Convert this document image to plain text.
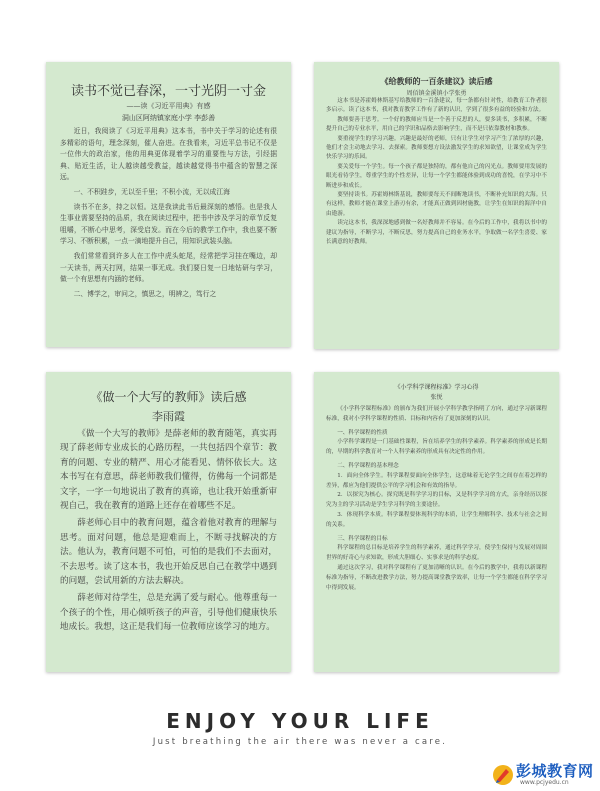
读书不觉已春深，一寸光阴一寸金
——读《习近平用典》有感
洞山区阿纳镇家庭小学 李彭善

近日，我阅读了《习近平用典》这本书，书中关于学习的论述有很多精彩的语句，理念深刻，催人奋进。在我看来，习近平总书记不仅是一位伟大的政治家，他的用典更体现着学习的重要性与方法，引经据典、贴近生活，让人越读越受教益，越读越觉得书中蕴含的智慧之深远。

一、不积跬步，无以至千里；不积小流，无以成江海

读书不在多，持之以恒。这是我读此书后最深刻的感悟。也是我人生事业需要坚持的品质，我在阅读过程中，把书中涉及学习的章节反复咀嚼，不断心中思考，深受启发。而在今后的教学工作中，我也要不断学习、不断积累，一点一滴地提升自己，用知识武装头脑。

我们常常看到许多人在工作中虎头蛇尾，经常把学习挂在嘴边，却一天读书，两天打网，结果一事无成。我们要日复一日地钻研与学习，做一个有思想有内涵的老师。

二、博学之，审问之，慎思之，明辨之，笃行之

《给教师的一百条建议》读后感
周佰镇金溪镇小学张勇

这本书是苏霍姆林斯基写给教师的一百条建议，每一条都有针对性，给教育工作者很多启示。读了这本书，我对教育教学工作有了新的认识，学到了很多有益的经验和方法。

教师要善于思考。一个好的教师应当是一个善于反思的人，要多读书，多积累，不断提升自己的专业水平，用自己的学识和品格去影响学生，而不是只依靠教材和教参。

要重视学生的学习兴趣。兴趣是最好的老师，只有让学生对学习产生了浓厚的兴趣，他们才会主动地去学习、去探索。教师要想方设法激发学生的求知欲望，让课堂成为学生快乐学习的乐园。

要关爱每一个学生。每一个孩子都是独特的，都有他自己的闪光点。教师要用发展的眼光看待学生，尊重学生的个性差异，让每一个学生都能体验到成功的喜悦，在学习中不断进步和成长。

要坚持读书。苏霍姆林斯基说，教师要每天不间断地读书，不断补充知识的大海。只有这样，教师才能在课堂上游刃有余，才能真正做到因材施教，让学生在知识的海洋中自由遨游。

读完这本书，我深深地感到做一名好教师并不容易。在今后的工作中，我将以书中的建议为指导，不断学习，不断反思，努力提高自己的业务水平，争取做一名学生喜爱、家长满意的好教师。

《做一个大写的教师》读后感
李雨霞

《做一个大写的教师》是薛老师的教育随笔，真实再现了薛老师专业成长的心路历程，一共包括四个章节：教育的问题、专业的精严、用心才能看见、情怀依长大。这本书写在有意思，薛老师教我们懂得，仿佛每一个词都是文字，一字一句地说出了教育的真谛，也让我开始重新审视自己，我在教育的道路上还存在着哪些不足。

薛老师心目中的教育问题，蕴含着他对教育的理解与思考。面对问题，他总是迎难而上，不断寻找解决的方法。他认为，教育问题不可怕，可怕的是我们不去面对，不去思考。读了这本书，我也开始反思自己在教学中遇到的问题，尝试用新的方法去解决。

薛老师对待学生，总是充满了爱与耐心。他尊重每一个孩子的个性，用心倾听孩子的声音，引导他们健康快乐地成长。我想，这正是我们每一位教师应该学习的地方。

《小学科学课程标准》学习心得
张悦

《小学科学课程标准》的颁布为我们开展小学科学教学指明了方向，通过学习新课程标准，我对小学科学课程的性质、目标和内容有了更加深刻的认识。

一、科学课程的性质

小学科学课程是一门基础性课程，旨在培养学生的科学素养。科学素养的形成是长期的，早期的科学教育对一个人科学素养的形成具有决定性的作用。

二、科学课程的基本理念

1．面向全体学生。科学课程要面向全体学生，这意味着无论学生之间存在着怎样的差异，都应为他们提供公平的学习机会和有效的指导。

2．以探究为核心。探究既是科学学习的目标，又是科学学习的方式，亲身经历以探究为主的学习活动是学生学习科学的主要途径。

3．体现科学本质。科学课程要体现科学的本质，让学生理解科学、技术与社会之间的关系。

三、科学课程的目标

科学课程的总目标是培养学生的科学素养，通过科学学习，使学生保持与发展对周围世界的好奇心与求知欲，形成大胆细心、实事求是的科学态度。

通过这次学习，我对科学课程有了更加清晰的认识。在今后的教学中，我将以新课程标准为指导，不断改进教学方法，努力提高课堂教学效率，让每一个学生都能在科学学习中得到发展。

ENJOY YOUR LIFE
Just breathing the air there was never a care.
彭城教育网
www.pcjyedu.cn
